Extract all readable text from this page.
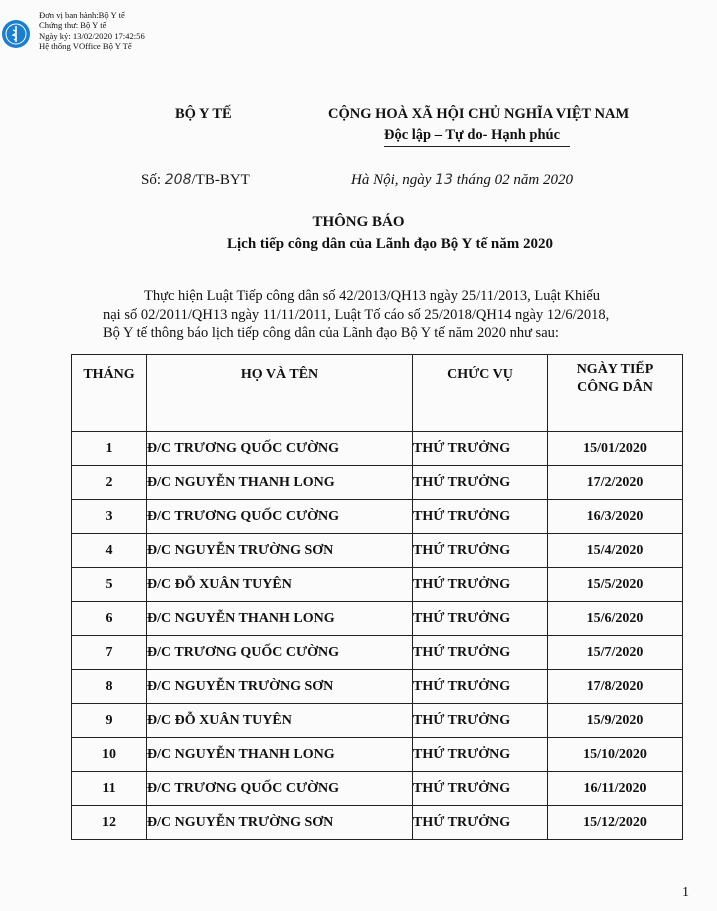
Đơn vị ban hành:Bộ Y tế
Chứng thư: Bộ Y tế
Ngày ký: 13/02/2020 17:42:56
Hệ thống VOffice Bộ Y Tế
BỘ Y TẾ	CỘNG HOÀ XÃ HỘI CHỦ NGHĨA VIỆT NAM
Độc lập – Tự do- Hạnh phúc
Số: 208/TB-BYT	Hà Nội, ngày 13 tháng 02 năm 2020
THÔNG BÁO
Lịch tiếp công dân của Lãnh đạo Bộ Y tế năm 2020
Thực hiện Luật Tiếp công dân số 42/2013/QH13 ngày 25/11/2013, Luật Khiếu
nại số 02/2011/QH13 ngày 11/11/2011, Luật Tố cáo số 25/2018/QH14 ngày 12/6/2018,
Bộ Y tế thông báo lịch tiếp công dân của Lãnh đạo Bộ Y tế năm 2020 như sau:
THÁNG	HỌ VÀ TÊN	CHỨC VỤ	NGÀY TIẾP
CÔNG DÂN

1	Đ/C TRƯƠNG QUỐC CƯỜNG	THỨ TRƯỞNG	15/01/2020
2	Đ/C NGUYỄN THANH LONG	THỨ TRƯỞNG	17/2/2020
3	Đ/C TRƯƠNG QUỐC CƯỜNG	THỨ TRƯỞNG	16/3/2020
4	Đ/C NGUYỄN TRƯỜNG SƠN	THỨ TRƯỞNG	15/4/2020
5	Đ/C ĐỖ XUÂN TUYÊN	THỨ TRƯỞNG	15/5/2020
6	Đ/C NGUYỄN THANH LONG	THỨ TRƯỞNG	15/6/2020
7	Đ/C TRƯƠNG QUỐC CƯỜNG	THỨ TRƯỞNG	15/7/2020
8	Đ/C NGUYỄN TRƯỜNG SƠN	THỨ TRƯỞNG	17/8/2020
9	Đ/C ĐỖ XUÂN TUYÊN	THỨ TRƯỞNG	15/9/2020
10	Đ/C NGUYỄN THANH LONG	THỨ TRƯỞNG	15/10/2020
11	Đ/C TRƯƠNG QUỐC CƯỜNG	THỨ TRƯỞNG	16/11/2020
12	Đ/C NGUYỄN TRƯỜNG SƠN	THỨ TRƯỞNG	15/12/2020
1
